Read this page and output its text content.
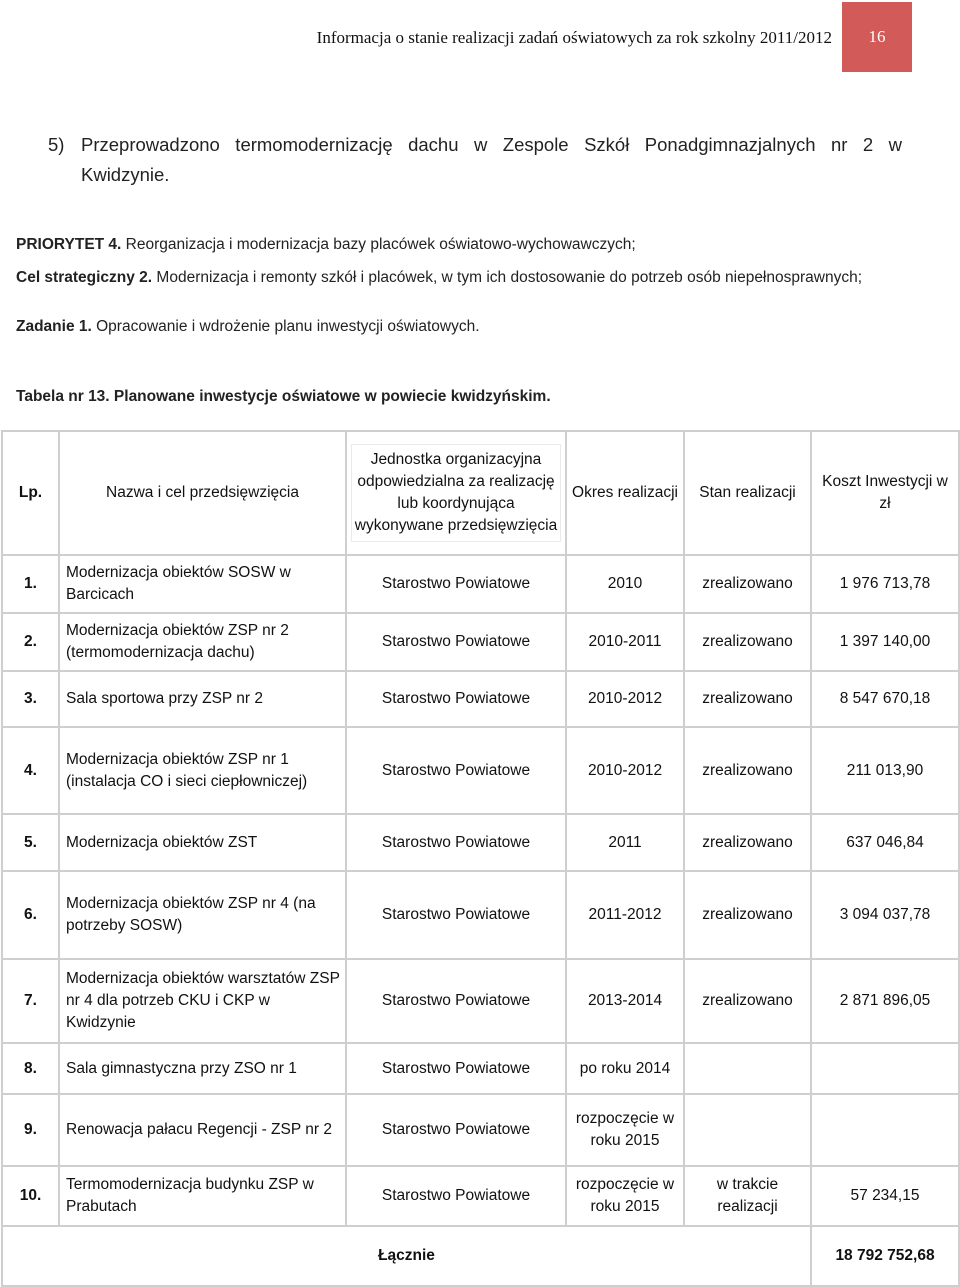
Informacja o stanie realizacji zadań oświatowych za rok szkolny 2011/2012	16
5) Przeprowadzono termomodernizację dachu w Zespole Szkół Ponadgimnazjalnych nr 2 w Kwidzynie.
PRIORYTET 4. Reorganizacja i modernizacja bazy placówek oświatowo-wychowawczych;
Cel strategiczny 2. Modernizacja i remonty szkół i placówek, w tym ich dostosowanie do potrzeb osób niepełnosprawnych;
Zadanie 1. Opracowanie i wdrożenie planu inwestycji oświatowych.
Tabela nr 13. Planowane inwestycje oświatowe w powiecie kwidzyńskim.
Lp.	Nazwa i cel przedsięwzięcia	Jednostka organizacyjna odpowiedzialna za realizację lub koordynująca wykonywane przedsięwzięcia	Okres realizacji	Stan realizacji	Koszt Inwestycji w zł
1.	Modernizacja obiektów SOSW w Barcicach	Starostwo Powiatowe	2010	zrealizowano	1 976 713,78
2.	Modernizacja obiektów ZSP nr 2 (termomodernizacja dachu)	Starostwo Powiatowe	2010-2011	zrealizowano	1 397 140,00
3.	Sala sportowa przy ZSP nr 2	Starostwo Powiatowe	2010-2012	zrealizowano	8 547 670,18
4.	Modernizacja obiektów ZSP nr 1 (instalacja CO i sieci ciepłowniczej)	Starostwo Powiatowe	2010-2012	zrealizowano	211 013,90
5.	Modernizacja obiektów ZST	Starostwo Powiatowe	2011	zrealizowano	637 046,84
6.	Modernizacja obiektów ZSP nr 4 (na potrzeby SOSW)	Starostwo Powiatowe	2011-2012	zrealizowano	3 094 037,78
7.	Modernizacja obiektów warsztatów ZSP nr 4 dla potrzeb CKU i CKP w Kwidzynie	Starostwo Powiatowe	2013-2014	zrealizowano	2 871 896,05
8.	Sala gimnastyczna przy ZSO nr 1	Starostwo Powiatowe	po roku 2014		
9.	Renowacja pałacu Regencji - ZSP nr 2	Starostwo Powiatowe	rozpoczęcie w roku 2015		
10.	Termomodernizacja budynku ZSP w Prabutach	Starostwo Powiatowe	rozpoczęcie w roku 2015	w trakcie realizacji	57 234,15
Łącznie					18 792 752,68
